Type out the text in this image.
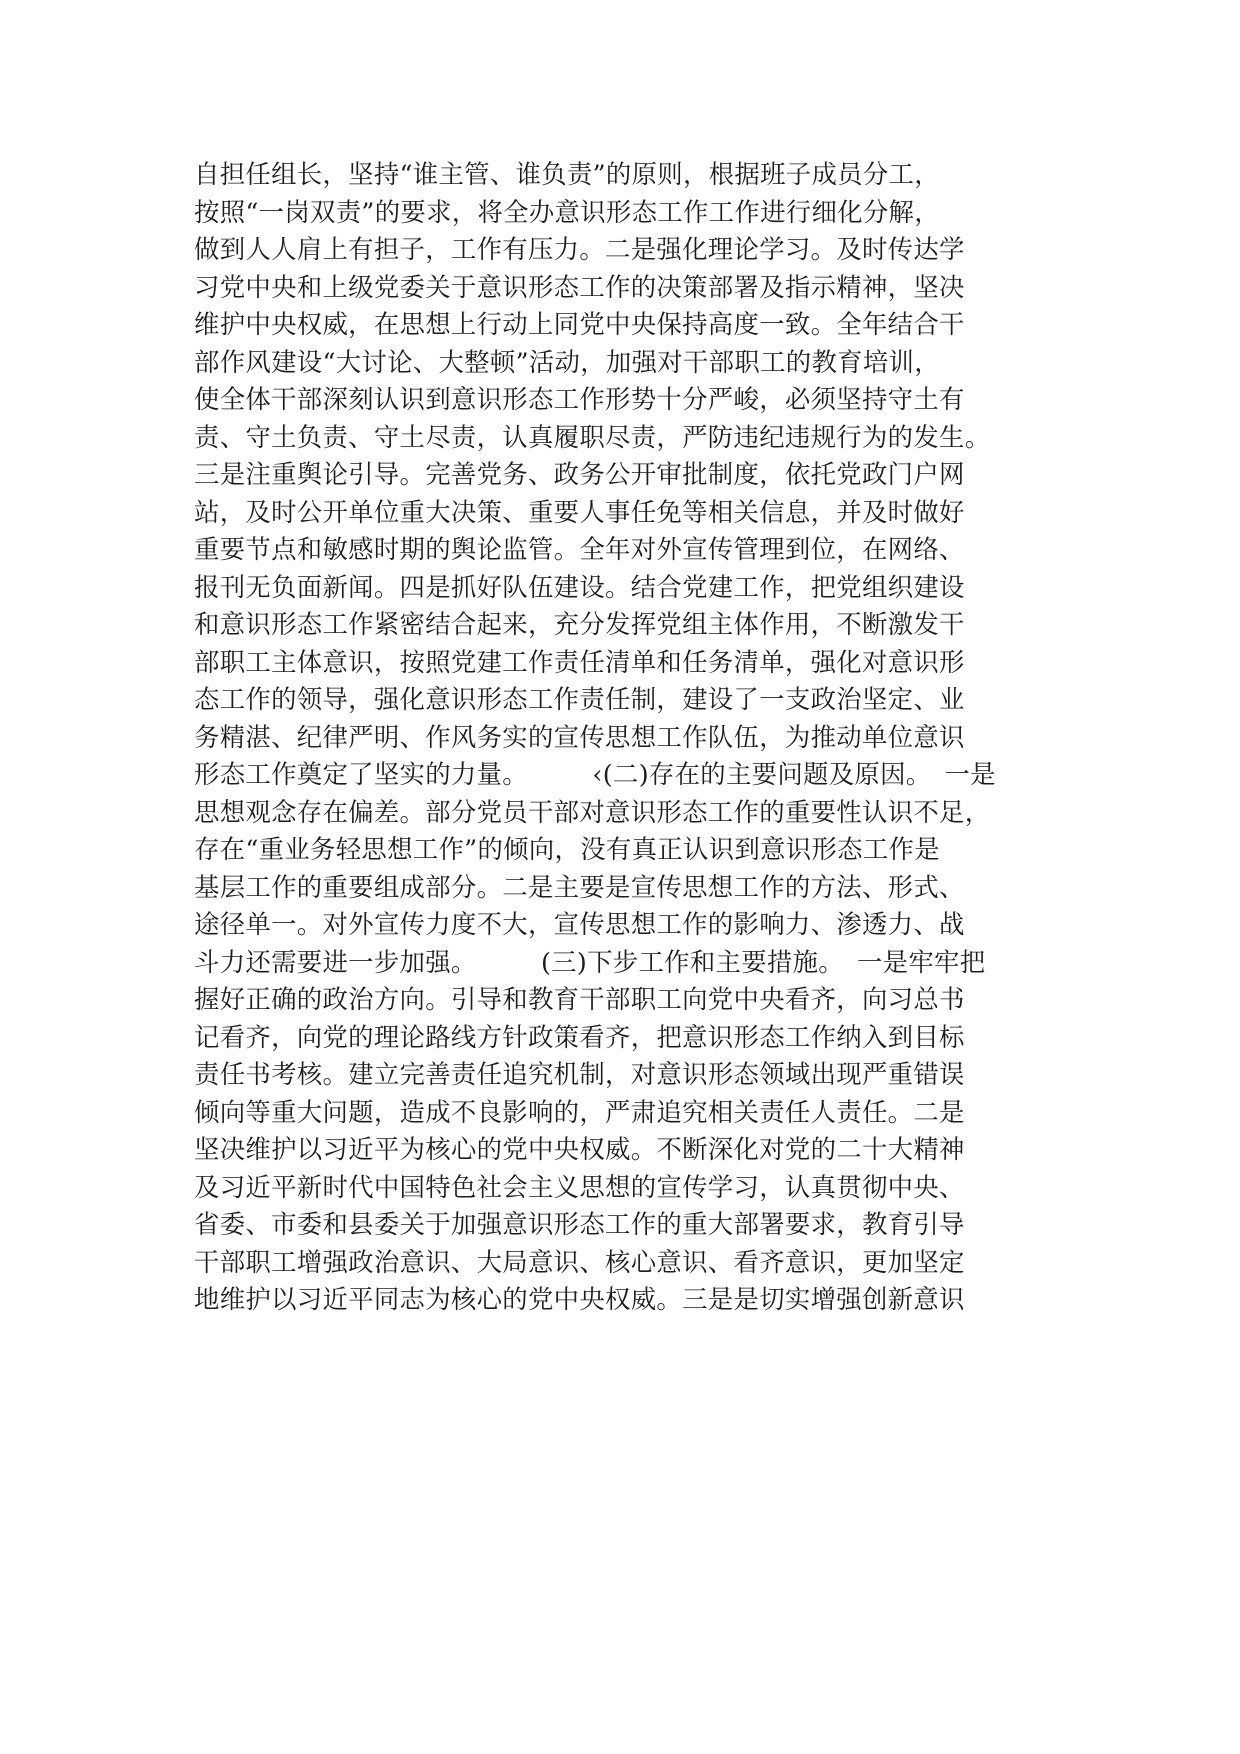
自担任组长，坚持“谁主管、谁负责”的原则，根据班子成员分工，
按照“一岗双责”的要求，将全办意识形态工作工作进行细化分解，
做到人人肩上有担子，工作有压力。二是强化理论学习。及时传达学
习党中央和上级党委关于意识形态工作的决策部署及指示精神，坚决
维护中央权威，在思想上行动上同党中央保持高度一致。全年结合干
部作风建设“大讨论、大整顿”活动，加强对干部职工的教育培训，
使全体干部深刻认识到意识形态工作形势十分严峻，必须坚持守土有
责、守土负责、守土尽责，认真履职尽责，严防违纪违规行为的发生。
三是注重舆论引导。完善党务、政务公开审批制度，依托党政门户网
站，及时公开单位重大决策、重要人事任免等相关信息，并及时做好
重要节点和敏感时期的舆论监管。全年对外宣传管理到位，在网络、
报刊无负面新闻。四是抓好队伍建设。结合党建工作，把党组织建设
和意识形态工作紧密结合起来，充分发挥党组主体作用，不断激发干
部职工主体意识，按照党建工作责任清单和任务清单，强化对意识形
态工作的领导，强化意识形态工作责任制，建设了一支政治坚定、业
务精湛、纪律严明、作风务实的宣传思想工作队伍，为推动单位意识
形态工作奠定了坚实的力量。　　　‹(二)存在的主要问题及原因。　一是
思想观念存在偏差。部分党员干部对意识形态工作的重要性认识不足，
存在“重业务轻思想工作”的倾向，没有真正认识到意识形态工作是
基层工作的重要组成部分。二是主要是宣传思想工作的方法、形式、
途径单一。对外宣传力度不大，宣传思想工作的影响力、渗透力、战
斗力还需要进一步加强。　　　(三)下步工作和主要措施。　一是牢牢把
握好正确的政治方向。引导和教育干部职工向党中央看齐，向习总书
记看齐，向党的理论路线方针政策看齐，把意识形态工作纳入到目标
责任书考核。建立完善责任追究机制，对意识形态领域出现严重错误
倾向等重大问题，造成不良影响的，严肃追究相关责任人责任。二是
坚决维护以习近平为核心的党中央权威。不断深化对党的二十大精神
及习近平新时代中国特色社会主义思想的宣传学习，认真贯彻中央、
省委、市委和县委关于加强意识形态工作的重大部署要求，教育引导
干部职工增强政治意识、大局意识、核心意识、看齐意识，更加坚定
地维护以习近平同志为核心的党中央权威。三是是切实增强创新意识
